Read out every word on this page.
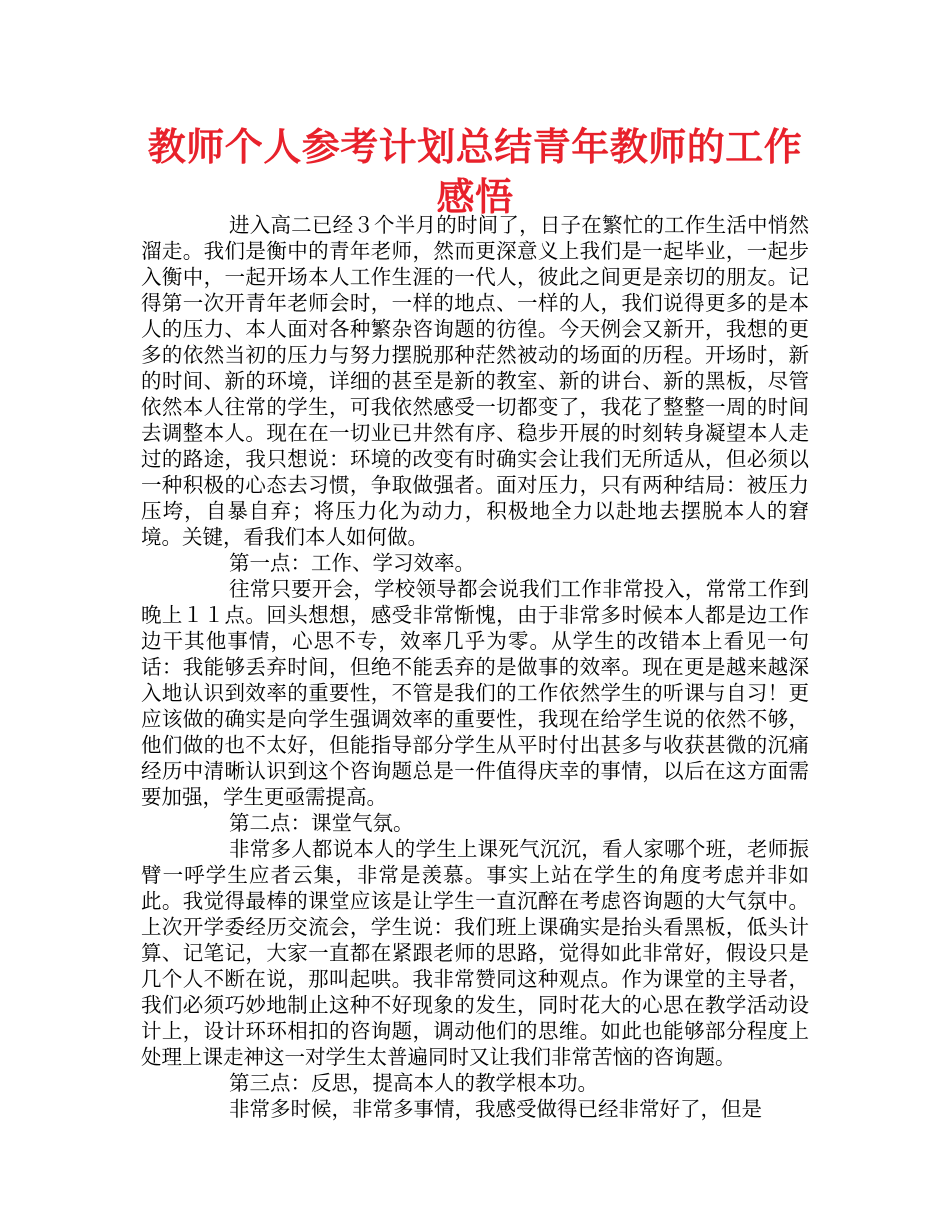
教师个人参考计划总结青年教师的工作感悟

进入高二已经３个半月的时间了，日子在繁忙的工作生活中悄然溜走。我们是衡中的青年老师，然而更深意义上我们是一起毕业，一起步入衡中，一起开场本人工作生涯的一代人，彼此之间更是亲切的朋友。记得第一次开青年老师会时，一样的地点、一样的人，我们说得更多的是本人的压力、本人面对各种繁杂咨询题的彷徨。今天例会又新开，我想的更多的依然当初的压力与努力摆脱那种茫然被动的场面的历程。开场时，新的时间、新的环境，详细的甚至是新的教室、新的讲台、新的黑板，尽管依然本人往常的学生，可我依然感受一切都变了，我花了整整一周的时间去调整本人。现在在一切业已井然有序、稳步开展的时刻转身凝望本人走过的路途，我只想说：环境的改变有时确实会让我们无所适从，但必须以一种积极的心态去习惯，争取做强者。面对压力，只有两种结局：被压力压垮，自暴自弃；将压力化为动力，积极地全力以赴地去摆脱本人的窘境。关键，看我们本人如何做。

第一点：工作、学习效率。

往常只要开会，学校领导都会说我们工作非常投入，常常工作到晚上１１点。回头想想，感受非常惭愧，由于非常多时候本人都是边工作边干其他事情，心思不专，效率几乎为零。从学生的改错本上看见一句话：我能够丢弃时间，但绝不能丢弃的是做事的效率。现在更是越来越深入地认识到效率的重要性，不管是我们的工作依然学生的听课与自习！更应该做的确实是向学生强调效率的重要性，我现在给学生说的依然不够，他们做的也不太好，但能指导部分学生从平时付出甚多与收获甚微的沉痛经历中清晰认识到这个咨询题总是一件值得庆幸的事情，以后在这方面需要加强，学生更亟需提高。

第二点：课堂气氛。

非常多人都说本人的学生上课死气沉沉，看人家哪个班，老师振臂一呼学生应者云集，非常是羡慕。事实上站在学生的角度考虑并非如此。我觉得最棒的课堂应该是让学生一直沉醉在考虑咨询题的大气氛中。上次开学委经历交流会，学生说：我们班上课确实是抬头看黑板，低头计算、记笔记，大家一直都在紧跟老师的思路，觉得如此非常好，假设只是几个人不断在说，那叫起哄。我非常赞同这种观点。作为课堂的主导者，我们必须巧妙地制止这种不好现象的发生，同时花大的心思在教学活动设计上，设计环环相扣的咨询题，调动他们的思维。如此也能够部分程度上处理上课走神这一对学生太普遍同时又让我们非常苦恼的咨询题。

第三点：反思，提高本人的教学根本功。

非常多时候，非常多事情，我感受做得已经非常好了，但是
